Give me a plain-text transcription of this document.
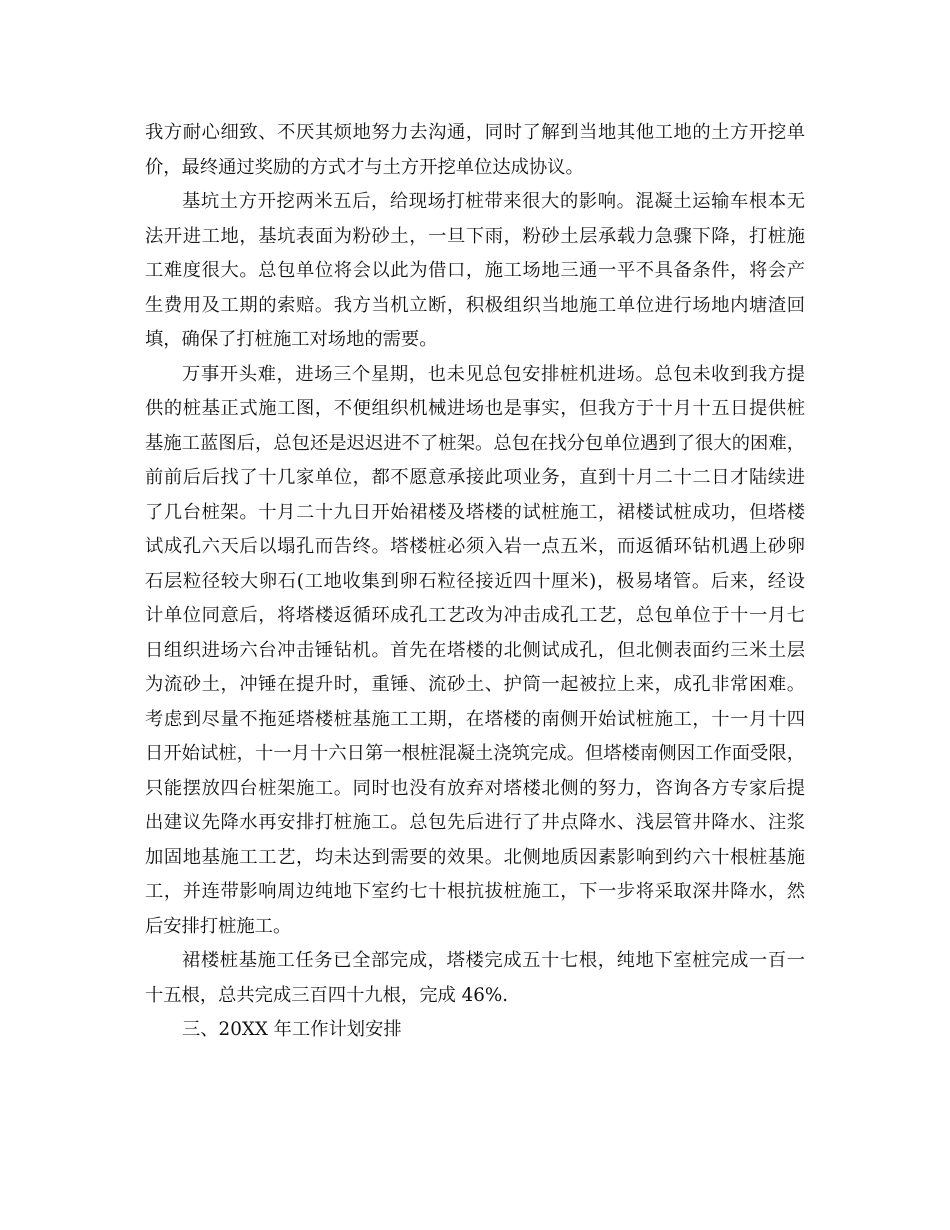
我方耐心细致、不厌其烦地努力去沟通，同时了解到当地其他工地的土方开挖单
价，最终通过奖励的方式才与土方开挖单位达成协议。
基坑土方开挖两米五后，给现场打桩带来很大的影响。混凝土运输车根本无
法开进工地，基坑表面为粉砂土，一旦下雨，粉砂土层承载力急骤下降，打桩施
工难度很大。总包单位将会以此为借口，施工场地三通一平不具备条件，将会产
生费用及工期的索赔。我方当机立断，积极组织当地施工单位进行场地内塘渣回
填，确保了打桩施工对场地的需要。
万事开头难，进场三个星期，也未见总包安排桩机进场。总包未收到我方提
供的桩基正式施工图，不便组织机械进场也是事实，但我方于十月十五日提供桩
基施工蓝图后，总包还是迟迟进不了桩架。总包在找分包单位遇到了很大的困难，
前前后后找了十几家单位，都不愿意承接此项业务，直到十月二十二日才陆续进
了几台桩架。十月二十九日开始裙楼及塔楼的试桩施工，裙楼试桩成功，但塔楼
试成孔六天后以塌孔而告终。塔楼桩必须入岩一点五米，而返循环钻机遇上砂卵
石层粒径较大卵石(工地收集到卵石粒径接近四十厘米)，极易堵管。后来，经设
计单位同意后，将塔楼返循环成孔工艺改为冲击成孔工艺，总包单位于十一月七
日组织进场六台冲击锤钻机。首先在塔楼的北侧试成孔，但北侧表面约三米土层
为流砂土，冲锤在提升时，重锤、流砂土、护筒一起被拉上来，成孔非常困难。
考虑到尽量不拖延塔楼桩基施工工期，在塔楼的南侧开始试桩施工，十一月十四
日开始试桩，十一月十六日第一根桩混凝土浇筑完成。但塔楼南侧因工作面受限，
只能摆放四台桩架施工。同时也没有放弃对塔楼北侧的努力，咨询各方专家后提
出建议先降水再安排打桩施工。总包先后进行了井点降水、浅层管井降水、注浆
加固地基施工工艺，均未达到需要的效果。北侧地质因素影响到约六十根桩基施
工，并连带影响周边纯地下室约七十根抗拔桩施工，下一步将采取深井降水，然
后安排打桩施工。
裙楼桩基施工任务已全部完成，塔楼完成五十七根，纯地下室桩完成一百一
十五根，总共完成三百四十九根，完成 46%.
三、20XX 年工作计划安排
